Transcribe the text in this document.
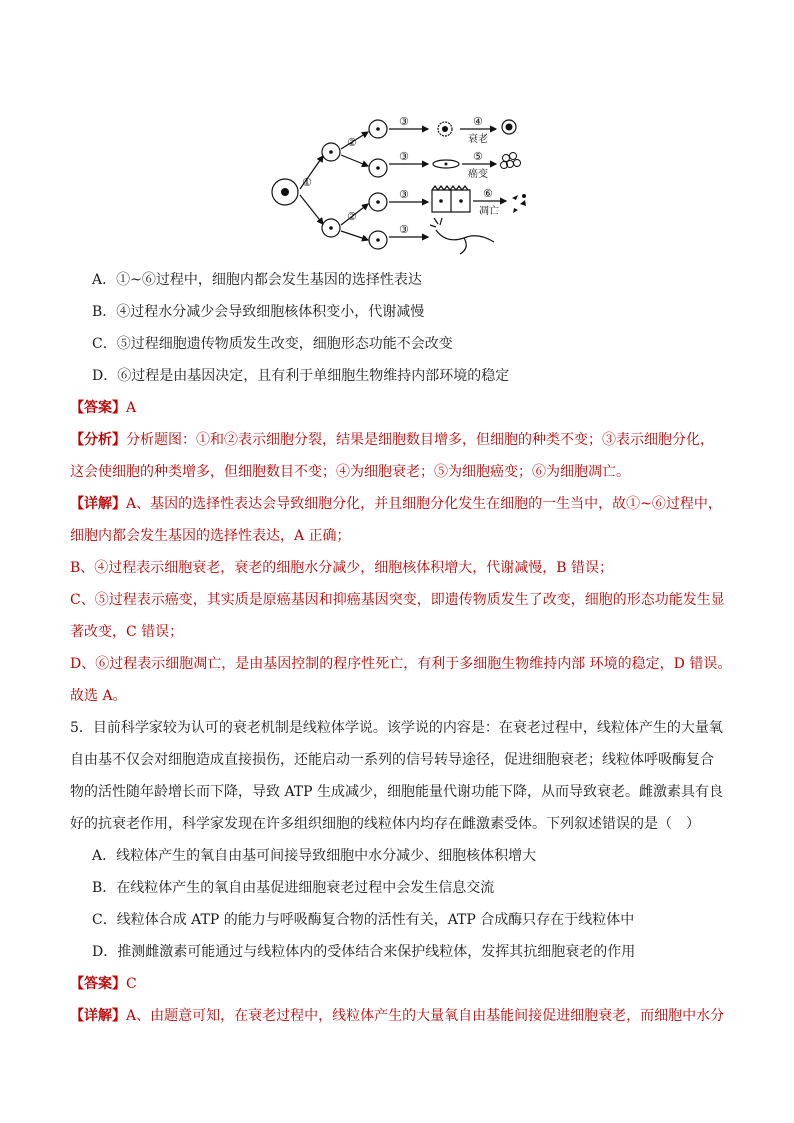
①
②
②
③
③
③
③
④
⑤
⑥
衰老
癌变
凋亡
A．①~⑥过程中，细胞内都会发生基因的选择性表达
B．④过程水分减少会导致细胞核体积变小，代谢减慢
C．⑤过程细胞遗传物质发生改变，细胞形态功能不会改变
D．⑥过程是由基因决定，且有利于单细胞生物维持内部环境的稳定
【答案】A
【分析】分析题图：①和②表示细胞分裂，结果是细胞数目增多，但细胞的种类不变；③表示细胞分化，
这会使细胞的种类增多，但细胞数目不变；④为细胞衰老；⑤为细胞癌变；⑥为细胞凋亡。
【详解】A、基因的选择性表达会导致细胞分化，并且细胞分化发生在细胞的一生当中，故①~⑥过程中，
细胞内都会发生基因的选择性表达，A 正确；
B、④过程表示细胞衰老，衰老的细胞水分减少，细胞核体积增大，代谢减慢，B 错误；
C、⑤过程表示癌变，其实质是原癌基因和抑癌基因突变，即遗传物质发生了改变，细胞的形态功能发生显
著改变，C 错误；
D、⑥过程表示细胞凋亡，是由基因控制的程序性死亡，有利于多细胞生物维持内部 环境的稳定，D 错误。
故选 A。
5．目前科学家较为认可的衰老机制是线粒体学说。该学说的内容是：在衰老过程中，线粒体产生的大量氧
自由基不仅会对细胞造成直接损伤，还能启动一系列的信号转导途径，促进细胞衰老；线粒体呼吸酶复合
物的活性随年龄增长而下降，导致 ATP 生成减少，细胞能量代谢功能下降，从而导致衰老。雌激素具有良
好的抗衰老作用，科学家发现在许多组织细胞的线粒体内均存在雌激素受体。下列叙述错误的是（　）
A．线粒体产生的氧自由基可间接导致细胞中水分减少、细胞核体积增大
B．在线粒体产生的氧自由基促进细胞衰老过程中会发生信息交流
C．线粒体合成 ATP 的能力与呼吸酶复合物的活性有关，ATP 合成酶只存在于线粒体中
D．推测雌激素可能通过与线粒体内的受体结合来保护线粒体，发挥其抗细胞衰老的作用
【答案】C
【详解】A、由题意可知，在衰老过程中，线粒体产生的大量氧自由基能间接促进细胞衰老，而细胞中水分
